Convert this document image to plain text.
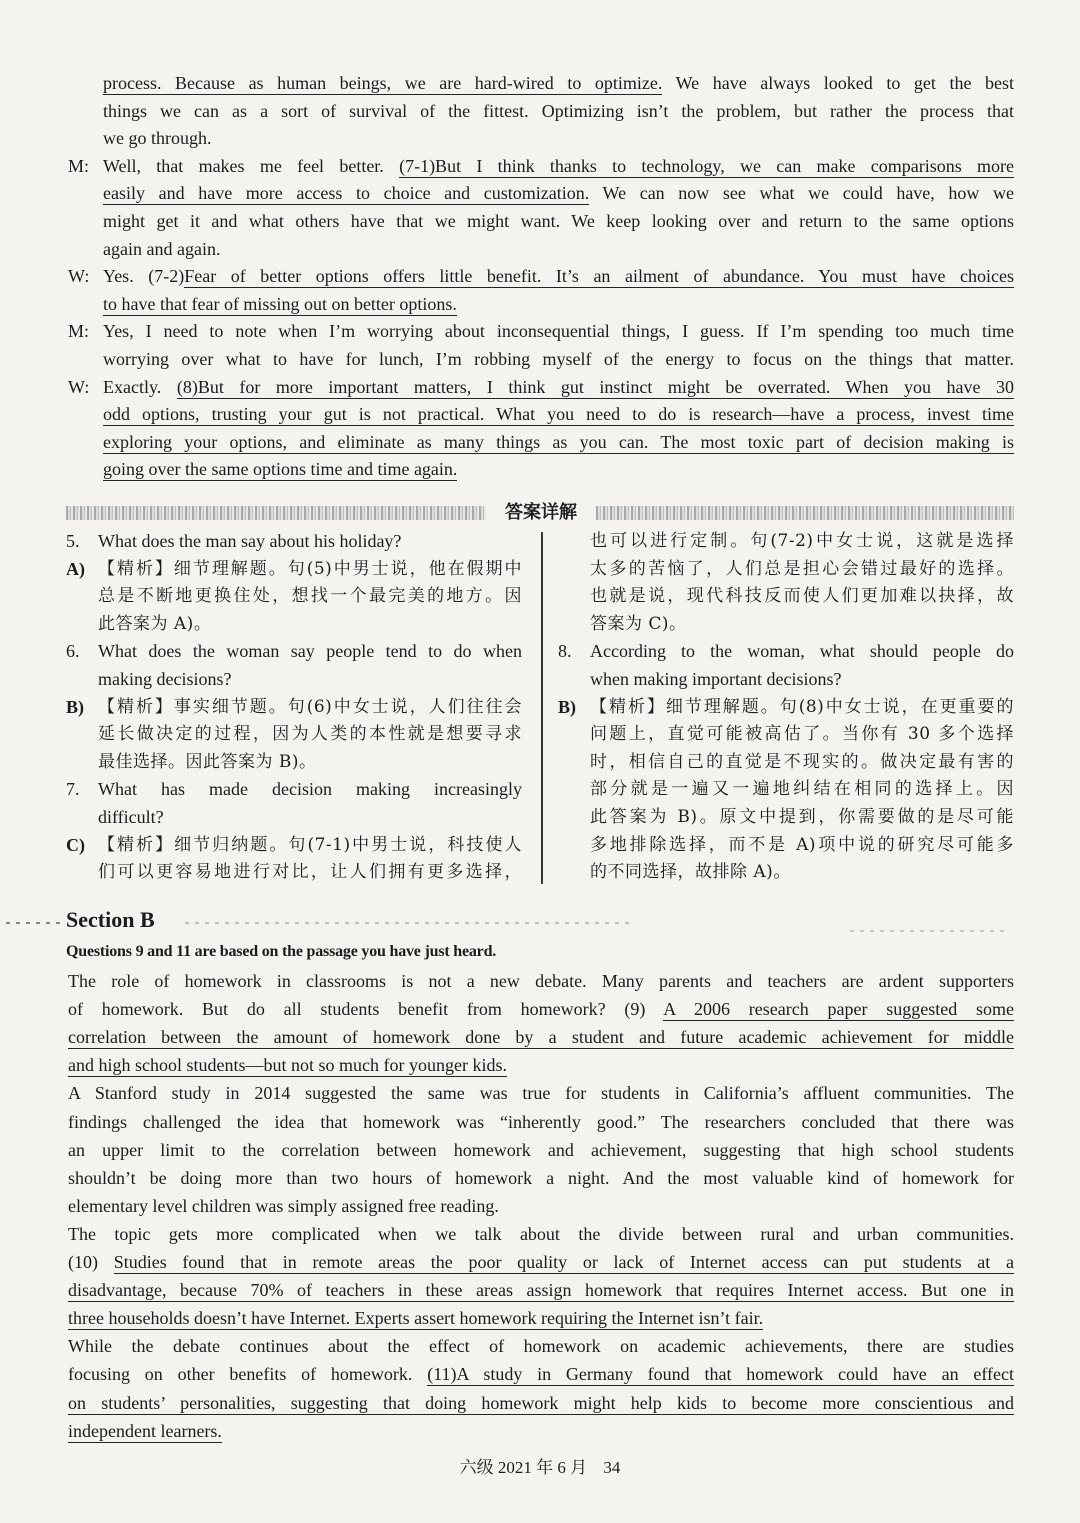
process. Because as human beings, we are hard-wired to optimize. We have always looked to get the best
things we can as a sort of survival of the fittest. Optimizing isn’t the problem, but rather the process that
we go through.
M: Well, that makes me feel better. (7-1)But I think thanks to technology, we can make comparisons more
easily and have more access to choice and customization. We can now see what we could have, how we
might get it and what others have that we might want. We keep looking over and return to the same options
again and again.
W: Yes. (7-2)Fear of better options offers little benefit. It’s an ailment of abundance. You must have choices
to have that fear of missing out on better options.
M: Yes, I need to note when I’m worrying about inconsequential things, I guess. If I’m spending too much time
worrying over what to have for lunch, I’m robbing myself of the energy to focus on the things that matter.
W: Exactly. (8)But for more important matters, I think gut instinct might be overrated. When you have 30
odd options, trusting your gut is not practical. What you need to do is research—have a process, invest time
exploring your options, and eliminate as many things as you can. The most toxic part of decision making is
going over the same options time and time again.
答案详解
5. What does the man say about his holiday?
A) 【精析】细节理解题。句(5)中男士说，他在假期中
总是不断地更换住处，想找一个最完美的地方。因
此答案为 A)。
6. What does the woman say people tend to do when
making decisions?
B) 【精析】事实细节题。句(6)中女士说，人们往往会
延长做决定的过程，因为人类的本性就是想要寻求
最佳选择。因此答案为 B)。
7. What has made decision making increasingly
difficult?
C) 【精析】细节归纳题。句(7-1)中男士说，科技使人
们可以更容易地进行对比，让人们拥有更多选择，
也可以进行定制。句(7-2)中女士说，这就是选择
太多的苦恼了，人们总是担心会错过最好的选择。
也就是说，现代科技反而使人们更加难以抉择，故
答案为 C)。
8. According to the woman, what should people do
when making important decisions?
B) 【精析】细节理解题。句(8)中女士说，在更重要的
问题上，直觉可能被高估了。当你有 30 多个选择
时，相信自己的直觉是不现实的。做决定最有害的
部分就是一遍又一遍地纠结在相同的选择上。因
此答案为 B)。原文中提到，你需要做的是尽可能
多地排除选择，而不是 A)项中说的研究尽可能多
的不同选择，故排除 A)。
Section B
Questions 9 and 11 are based on the passage you have just heard.
The role of homework in classrooms is not a new debate. Many parents and teachers are ardent supporters
of homework. But do all students benefit from homework? (9) A 2006 research paper suggested some
correlation between the amount of homework done by a student and future academic achievement for middle
and high school students—but not so much for younger kids.
A Stanford study in 2014 suggested the same was true for students in California’s affluent communities. The
findings challenged the idea that homework was “inherently good.” The researchers concluded that there was
an upper limit to the correlation between homework and achievement, suggesting that high school students
shouldn’t be doing more than two hours of homework a night. And the most valuable kind of homework for
elementary level children was simply assigned free reading.
The topic gets more complicated when we talk about the divide between rural and urban communities.
(10) Studies found that in remote areas the poor quality or lack of Internet access can put students at a
disadvantage, because 70% of teachers in these areas assign homework that requires Internet access. But one in
three households doesn’t have Internet. Experts assert homework requiring the Internet isn’t fair.
While the debate continues about the effect of homework on academic achievements, there are studies
focusing on other benefits of homework. (11)A study in Germany found that homework could have an effect
on students’ personalities, suggesting that doing homework might help kids to become more conscientious and
independent learners.
六级 2021 年 6 月 34
